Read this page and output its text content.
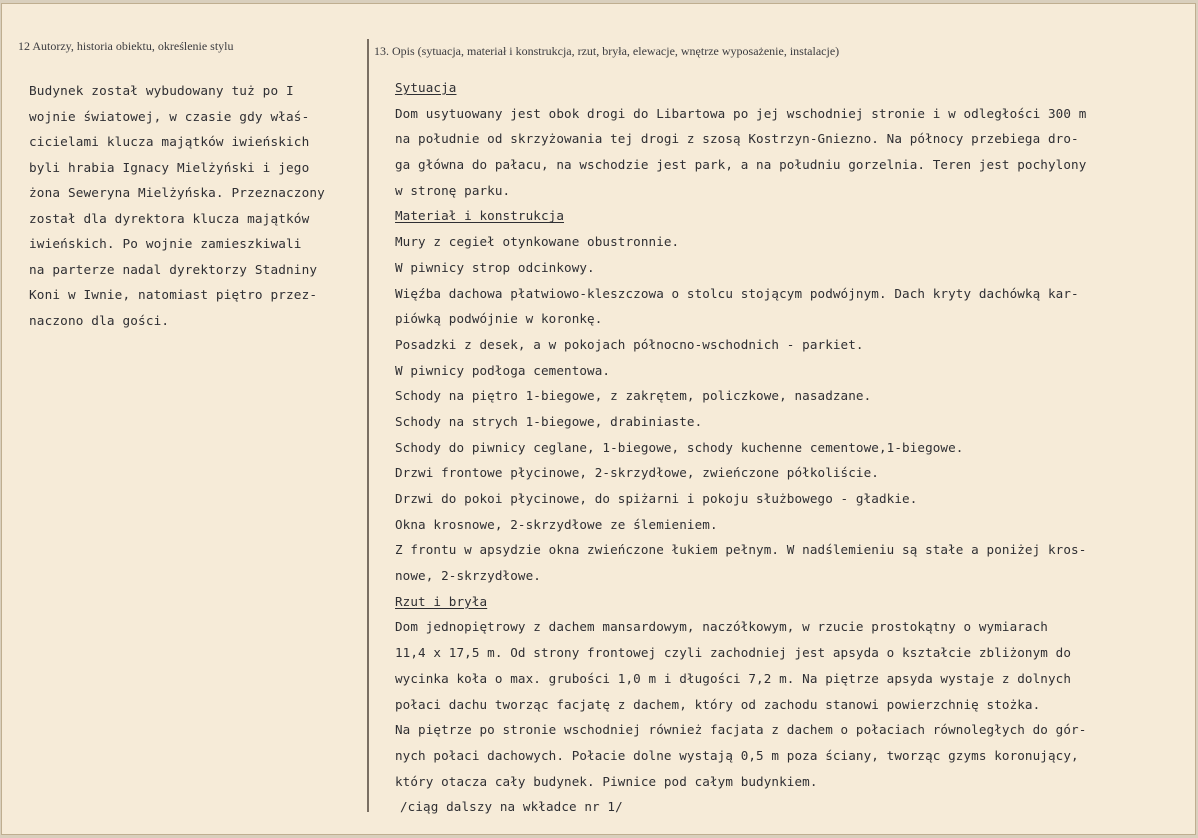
12 Autorzy, historia obiektu, określenie stylu	13. Opis (sytuacja, materiał i konstrukcja, rzut, bryła, elewacje, wnętrze wyposażenie, instalacje)
Budynek został wybudowany tuż po I
wojnie światowej, w czasie gdy właś-
cicielami klucza majątków iwieńskich
byli hrabia Ignacy Mielżyński i jego
żona Seweryna Mielżyńska. Przeznaczony
został dla dyrektora klucza majątków
iwieńskich. Po wojnie zamieszkiwali
na parterze nadal dyrektorzy Stadniny
Koni w Iwnie, natomiast piętro przez-
naczono dla gości.
Sytuacja
Dom usytuowany jest obok drogi do Libartowa po jej wschodniej stronie i w odległości 300 m
na południe od skrzyżowania tej drogi z szosą Kostrzyn-Gniezno. Na północy przebiega dro-
ga główna do pałacu, na wschodzie jest park, a na południu gorzelnia. Teren jest pochylony
w stronę parku.
Materiał i konstrukcja
Mury z cegieł otynkowane obustronnie.
W piwnicy strop odcinkowy.
Więźba dachowa płatwiowo-kleszczowa o stolcu stojącym podwójnym. Dach kryty dachówką kar-
piówką podwójnie w koronkę.
Posadzki z desek, a w pokojach północno-wschodnich - parkiet.
W piwnicy podłoga cementowa.
Schody na piętro 1-biegowe, z zakrętem, policzkowe, nasadzane.
Schody na strych 1-biegowe, drabiniaste.
Schody do piwnicy ceglane, 1-biegowe, schody kuchenne cementowe,1-biegowe.
Drzwi frontowe płycinowe, 2-skrzydłowe, zwieńczone półkoliście.
Drzwi do pokoi płycinowe, do spiżarni i pokoju służbowego - gładkie.
Okna krosnowe, 2-skrzydłowe ze ślemieniem.
Z frontu w apsydzie okna zwieńczone łukiem pełnym. W nadślemieniu są stałe a poniżej kros-
nowe, 2-skrzydłowe.
Rzut i bryła
Dom jednopiętrowy z dachem mansardowym, naczółkowym, w rzucie prostokątny o wymiarach
11,4 x 17,5 m. Od strony frontowej czyli zachodniej jest apsyda o kształcie zbliżonym do
wycinka koła o max. grubości 1,0 m i długości 7,2 m. Na piętrze apsyda wystaje z dolnych
połaci dachu tworząc facjatę z dachem, który od zachodu stanowi powierzchnię stożka.
Na piętrze po stronie wschodniej również facjata z dachem o połaciach równoległych do gór-
nych połaci dachowych. Połacie dolne wystają 0,5 m poza ściany, tworząc gzyms koronujący,
który otacza cały budynek. Piwnice pod całym budynkiem.
/ciąg dalszy na wkładce nr 1/
